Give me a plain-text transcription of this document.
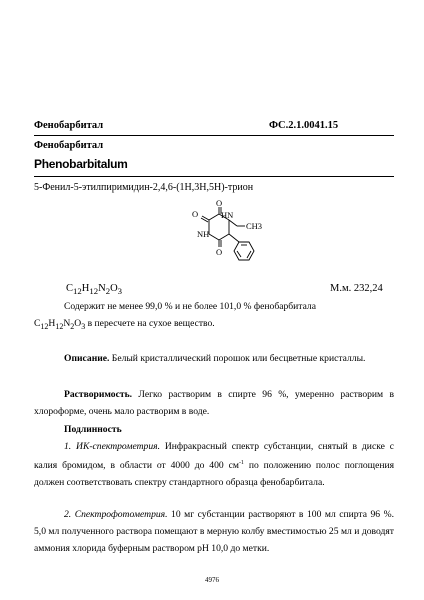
Фенобарбитал	ФС.2.1.0041.15
Фенобарбитал
Phenobarbitalum
5-Фенил-5-этилпиримидин-2,4,6-(1H,3H,5H)-трион
O
O
O
HN
NH
CH3
$C_{12}H_{12}N_2O_3$	М.м. 232,24
Содержит не менее 99,0 % и не более 101,0 % фенобарбитала
$C_{12}H_{12}N_2O_3$ в пересчете на сухое вещество.
Описание. Белый кристаллический порошок или бесцветные кристаллы.
Растворимость. Легко растворим в спирте 96 %, умеренно растворим в хлороформе, очень мало растворим в воде.
Подлинность
1. ИК-спектрометрия. Инфракрасный спектр субстанции, снятый в диске с калия бромидом, в области от 4000 до 400 $см^{-1}$ по положению полос поглощения должен соответствовать спектру стандартного образца фенобарбитала.
2. Спектрофотометрия. 10 мг субстанции растворяют в 100 мл спирта 96 %. 5,0 мл полученного раствора помещают в мерную колбу вместимостью 25 мл и доводят аммония хлорида буферным раствором pH 10,0 до метки.
4976
